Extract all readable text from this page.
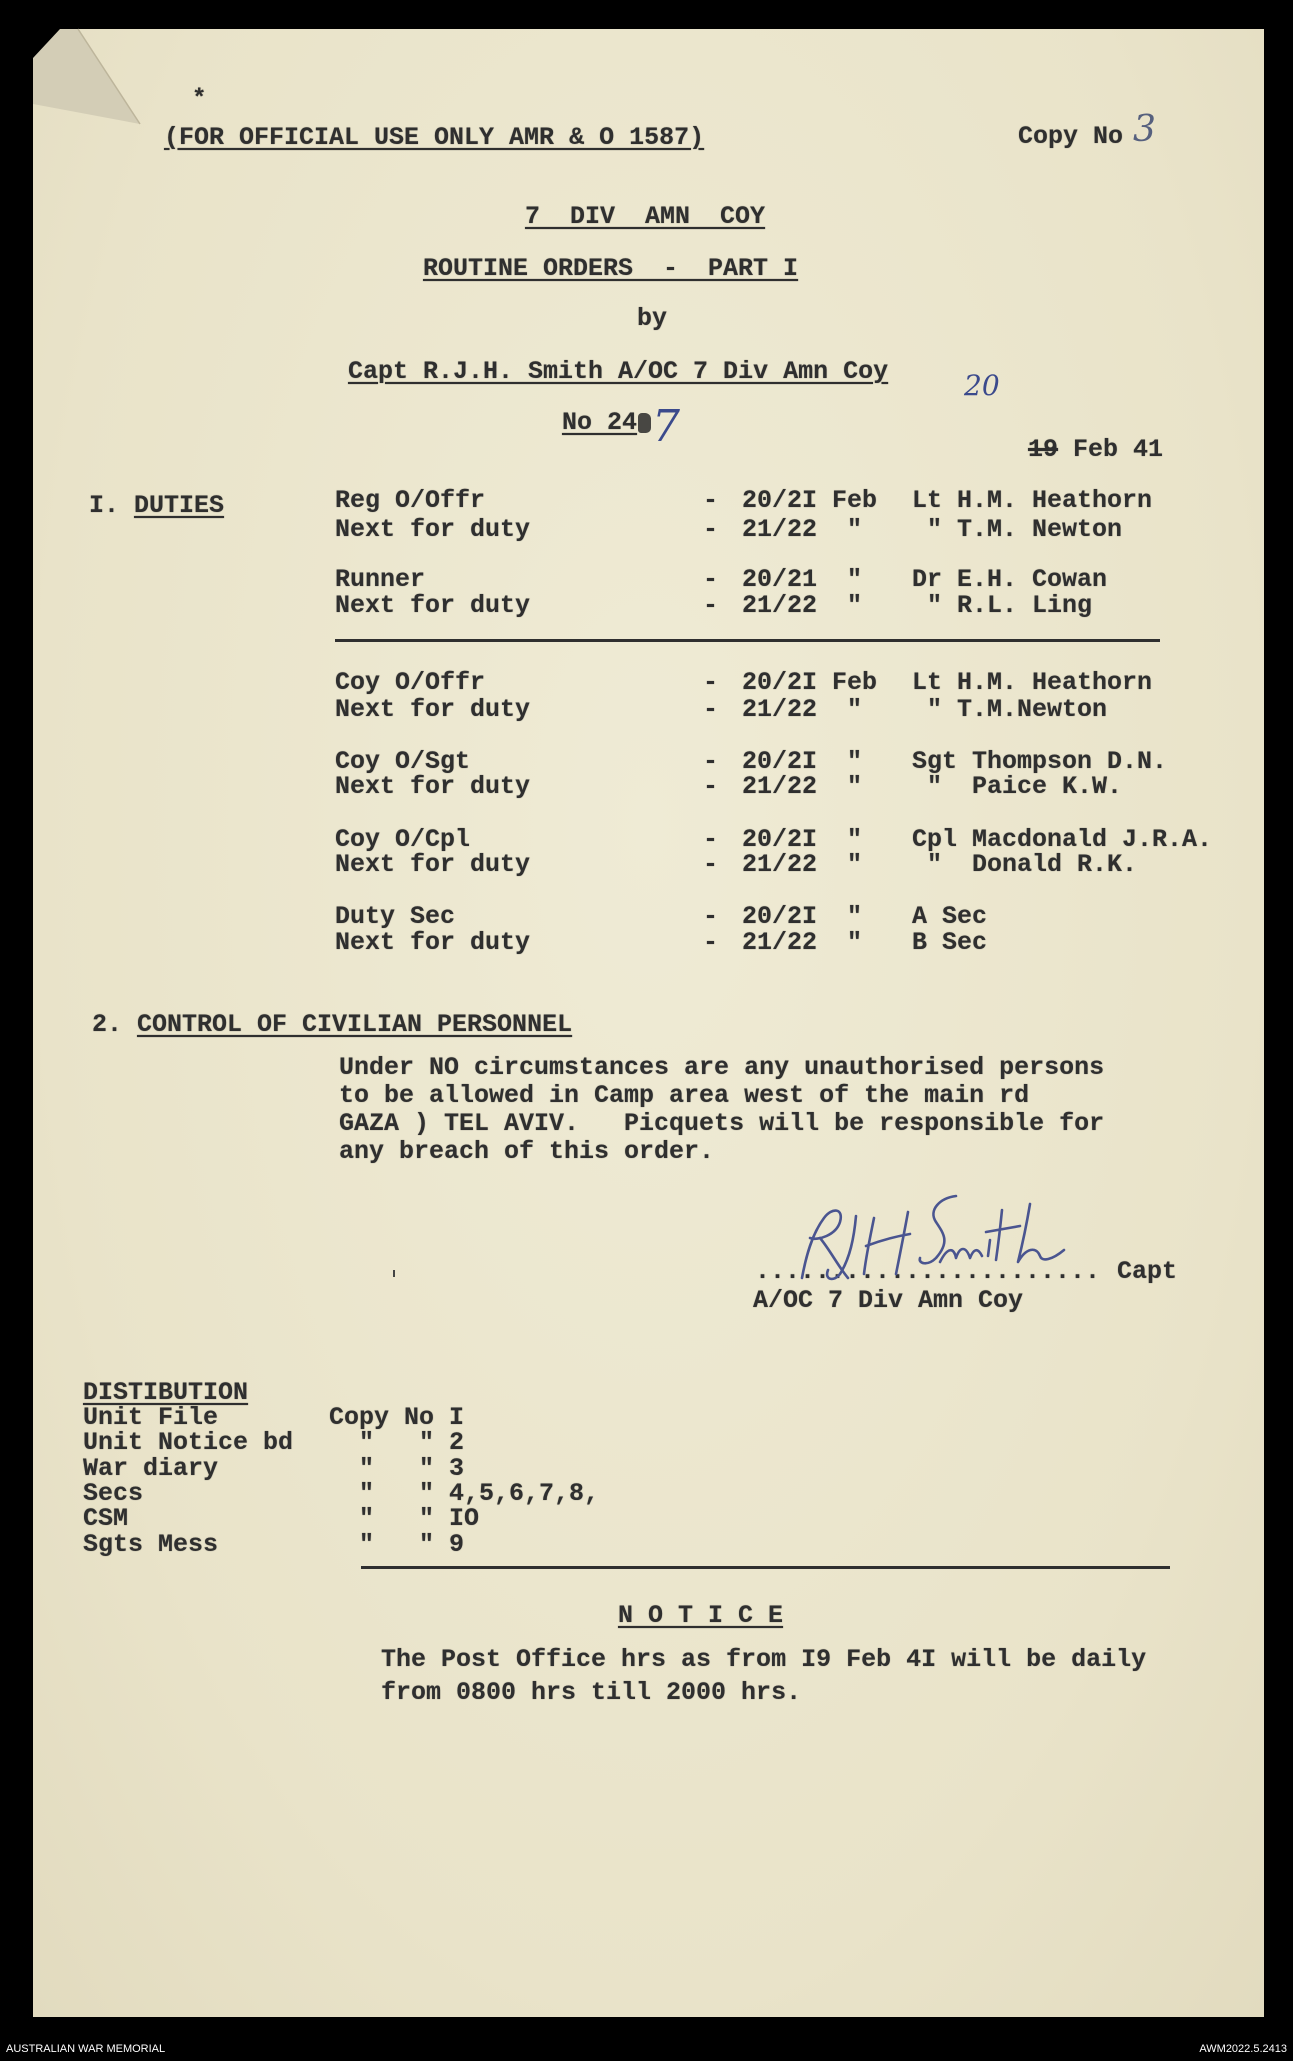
*
(FOR OFFICIAL USE ONLY AMR & O 1587)	Copy No 3
7  DIV  AMN  COY
ROUTINE ORDERS  -  PART I
by
Capt R.J.H. Smith A/OC 7 Div Amn Coy
No 24 7
20

19 Feb 41

I. DUTIES	Reg O/Offr	- 20/2I Feb Lt H.M. Heathorn
Next for duty	- 21/22  " " T.M. Newton
Runner	- 20/21  " Dr E.H. Cowan
Next for duty	- 21/22  " " R.L. Ling
Coy O/Offr	- 20/2I Feb Lt H.M. Heathorn
Next for duty	- 21/22  " " T.M.Newton
Coy O/Sgt	- 20/2I  " Sgt Thompson D.N.
Next for duty	- 21/22  " "  Paice K.W.
Coy O/Cpl	- 20/2I  " Cpl Macdonald J.R.A.
Next for duty	- 21/22  " "  Donald R.K.
Duty Sec	- 20/2I  " A Sec
Next for duty	- 21/22  " B Sec
2. CONTROL OF CIVILIAN PERSONNEL
Under NO circumstances are any unauthorised persons
to be allowed in Camp area west of the main rd
GAZA ) TEL AVIV.   Picquets will be responsible for
any breach of this order.
....................... Capt
A/OC 7 Div Amn Coy
DISTIBUTION
Unit File	Copy No I
Unit Notice bd "   " 2
War diary	"   " 3
Secs	"   " 4,5,6,7,8,
CSM	"   " IO
Sgts Mess	"   " 9
N O T I C E
The Post Office hrs as from I9 Feb 4I will be daily
from 0800 hrs till 2000 hrs.
AUSTRALIAN WAR MEMORIAL	AWM2022.5.2413
